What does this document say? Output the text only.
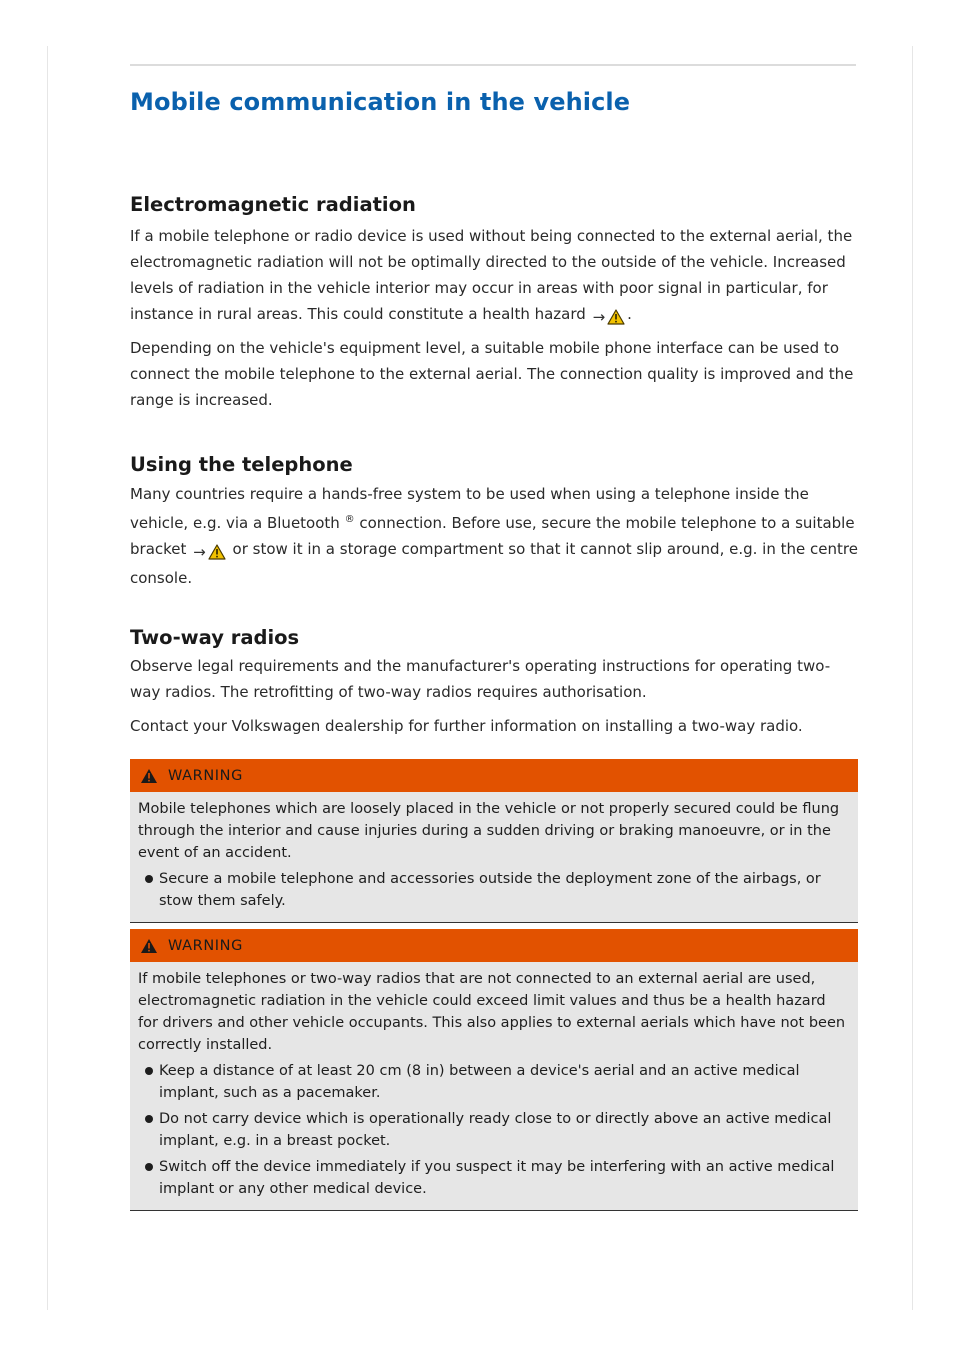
Mobile communication in the vehicle
Electromagnetic radiation

If a mobile telephone or radio device is used without being connected to the external aerial, the electromagnetic radiation will not be optimally directed to the outside of the vehicle. Increased levels of radiation in the vehicle interior may occur in areas with poor signal in particular, for instance in rural areas. This could constitute a health hazard → .

Depending on the vehicle's equipment level, a suitable mobile phone interface can be used to connect the mobile telephone to the external aerial. The connection quality is improved and the range is increased.

Using the telephone

Many countries require a hands-free system to be used when using a telephone inside the vehicle, e.g. via a Bluetooth ® connection. Before use, secure the mobile telephone to a suitable bracket → or stow it in a storage compartment so that it cannot slip around, e.g. in the centre console.

Two-way radios

Observe legal requirements and the manufacturer's operating instructions for operating two-way radios. The retrofitting of two-way radios requires authorisation.

Contact your Volkswagen dealership for further information on installing a two-way radio.

WARNING

Mobile telephones which are loosely placed in the vehicle or not properly secured could be flung through the interior and cause injuries during a sudden driving or braking manoeuvre, or in the event of an accident.

Secure a mobile telephone and accessories outside the deployment zone of the airbags, or stow them safely.
WARNING

If mobile telephones or two-way radios that are not connected to an external aerial are used, electromagnetic radiation in the vehicle could exceed limit values and thus be a health hazard for drivers and other vehicle occupants. This also applies to external aerials which have not been correctly installed.

Keep a distance of at least 20 cm (8 in) between a device's aerial and an active medical implant, such as a pacemaker.
Do not carry device which is operationally ready close to or directly above an active medical implant, e.g. in a breast pocket.
Switch off the device immediately if you suspect it may be interfering with an active medical implant or any other medical device.
